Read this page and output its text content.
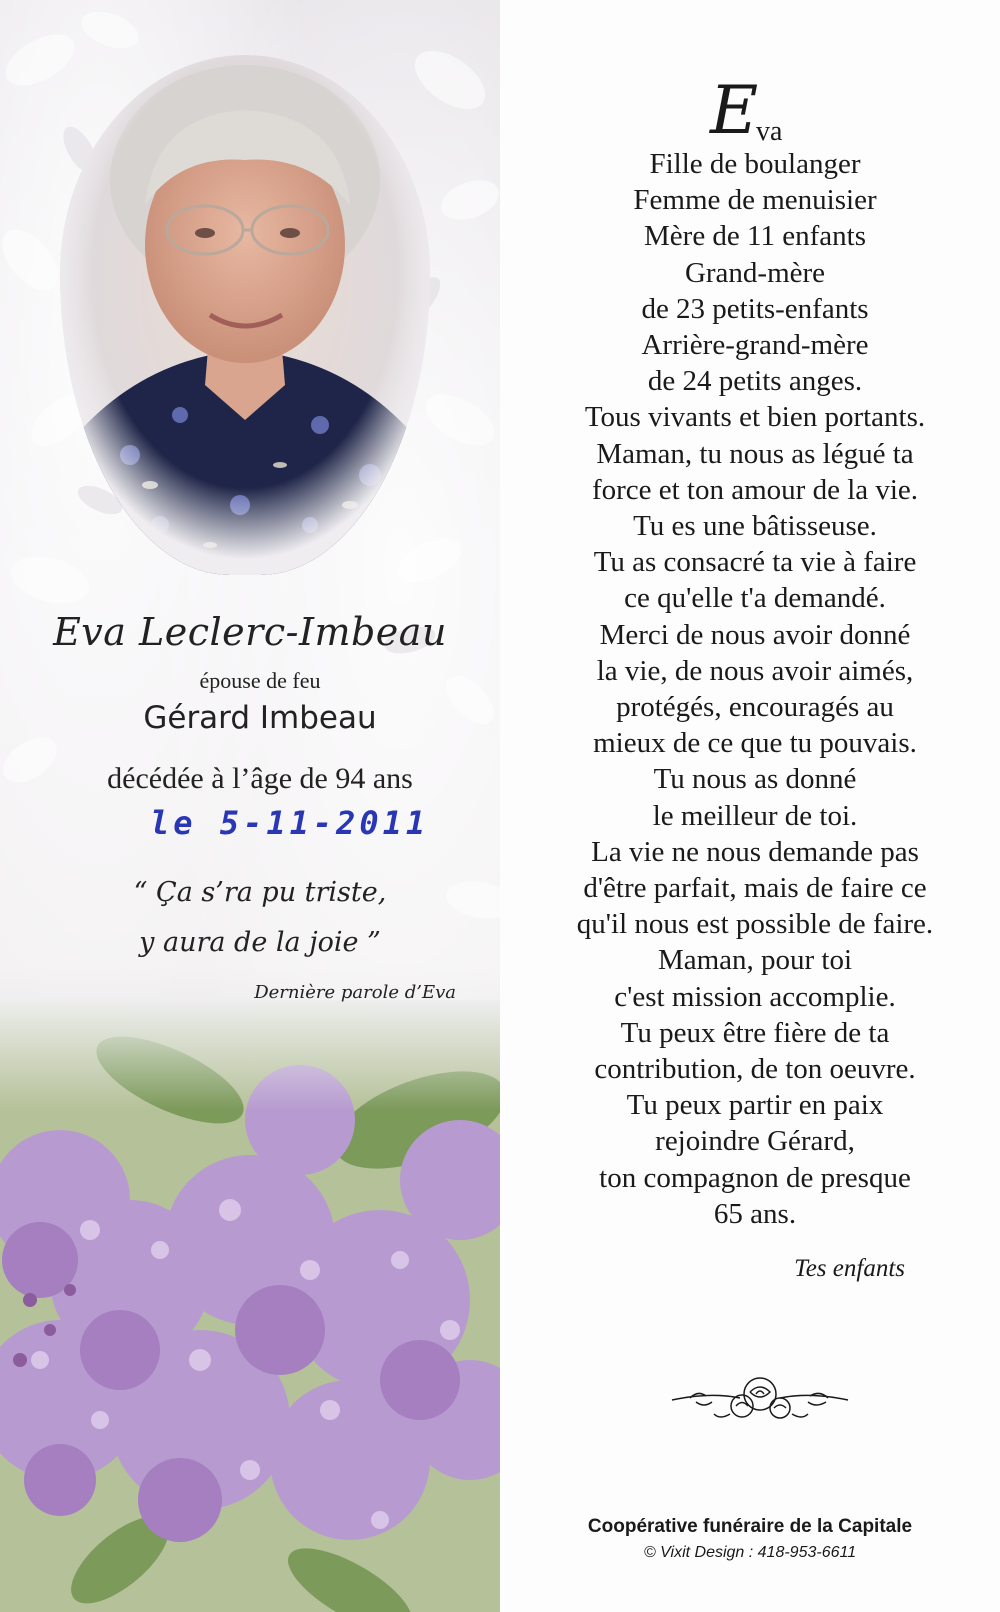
Eva Leclerc-Imbeau
épouse de feu
Gérard Imbeau
décédée à l’âge de 94 ans
le 5-11-2011
“ Ça s’ra pu triste,
y aura de la joie ”
Dernière parole d’Eva
E
va
Fille de boulanger
Femme de menuisier
Mère de 11 enfants
Grand-mère
de 23 petits-enfants
Arrière-grand-mère
de 24 petits anges.
Tous vivants et bien portants.
Maman, tu nous as légué ta
force et ton amour de la vie.
Tu es une bâtisseuse.
Tu as consacré ta vie à faire
ce qu'elle t'a demandé.
Merci de nous avoir donné
la vie, de nous avoir aimés,
protégés, encouragés au
mieux de ce que tu pouvais.
Tu nous as donné
le meilleur de toi.
La vie ne nous demande pas
d'être parfait, mais de faire ce
qu'il nous est possible de faire.
Maman, pour toi
c'est mission accomplie.
Tu peux être fière de ta
contribution, de ton oeuvre.
Tu peux partir en paix
rejoindre Gérard,
ton compagnon de presque
65 ans.
Tes enfants
Coopérative funéraire de la Capitale
© Vixit Design : 418-953-6611
